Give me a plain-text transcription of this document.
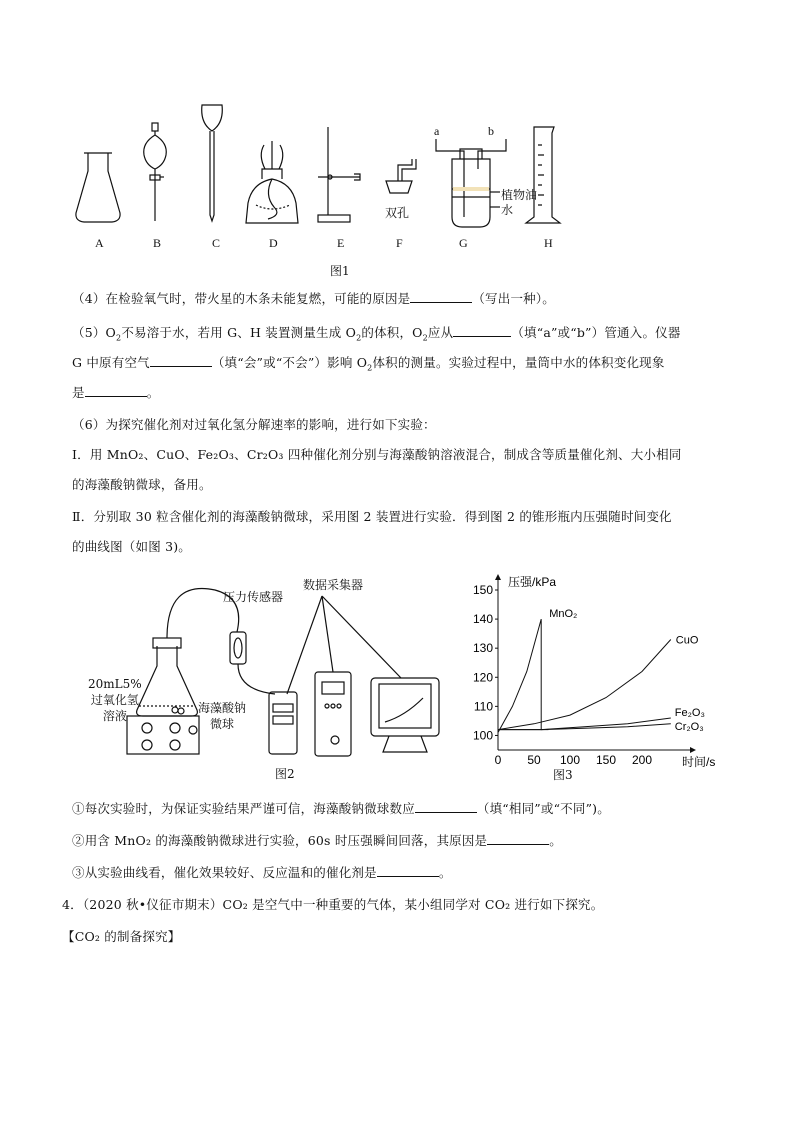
A	B	C	D	E	F	G	H
双孔
植物油
水
a	b
图1
（4）在检验氧气时，带火星的木条未能复燃，可能的原因是	（写出一种）。
$(5)O_2$不易溶于水，若用 G、H 装置测量生成 $O_2$的体积，$O_2$应从	（填“a”或“b”）管通入。仪器
G 中原有空气	（填“会”或“不会”）影响 $O_2$体积的测量。实验过程中，量筒中水的体积变化现象
是	。
（6）为探究催化剂对过氧化氢分解速率的影响，进行如下实验：
Ⅰ．用 MnO₂、CuO、Fe₂O₃、Cr₂O₃ 四种催化剂分别与海藻酸钠溶液混合，制成含等质量催化剂、大小相同
的海藻酸钠微球，备用。
Ⅱ．分别取 30 粒含催化剂的海藻酸钠微球，采用图 2 装置进行实验．得到图 2 的锥形瓶内压强随时间变化
的曲线图（如图 3)。
压力传感器
数据采集器
20mL5%
过氧化氢
溶液
海藻酸钠
微球
图2
0 50 100 150 200
100
110
120
130
140
150
压强/kPa
时间/s
MnO₂
CuO
Fe₂O₃
Cr₂O₃
图3
①每次实验时，为保证实验结果严谨可信，海藻酸钠微球数应	（填“相同”或“不同”)。
②用含 MnO₂ 的海藻酸钠微球进行实验，60s 时压强瞬间回落，其原因是	。
③从实验曲线看，催化效果较好、反应温和的催化剂是	。
4．（2020 秋•仪征市期末）CO₂ 是空气中一种重要的气体，某小组同学对 CO₂ 进行如下探究。
【CO₂ 的制备探究】
